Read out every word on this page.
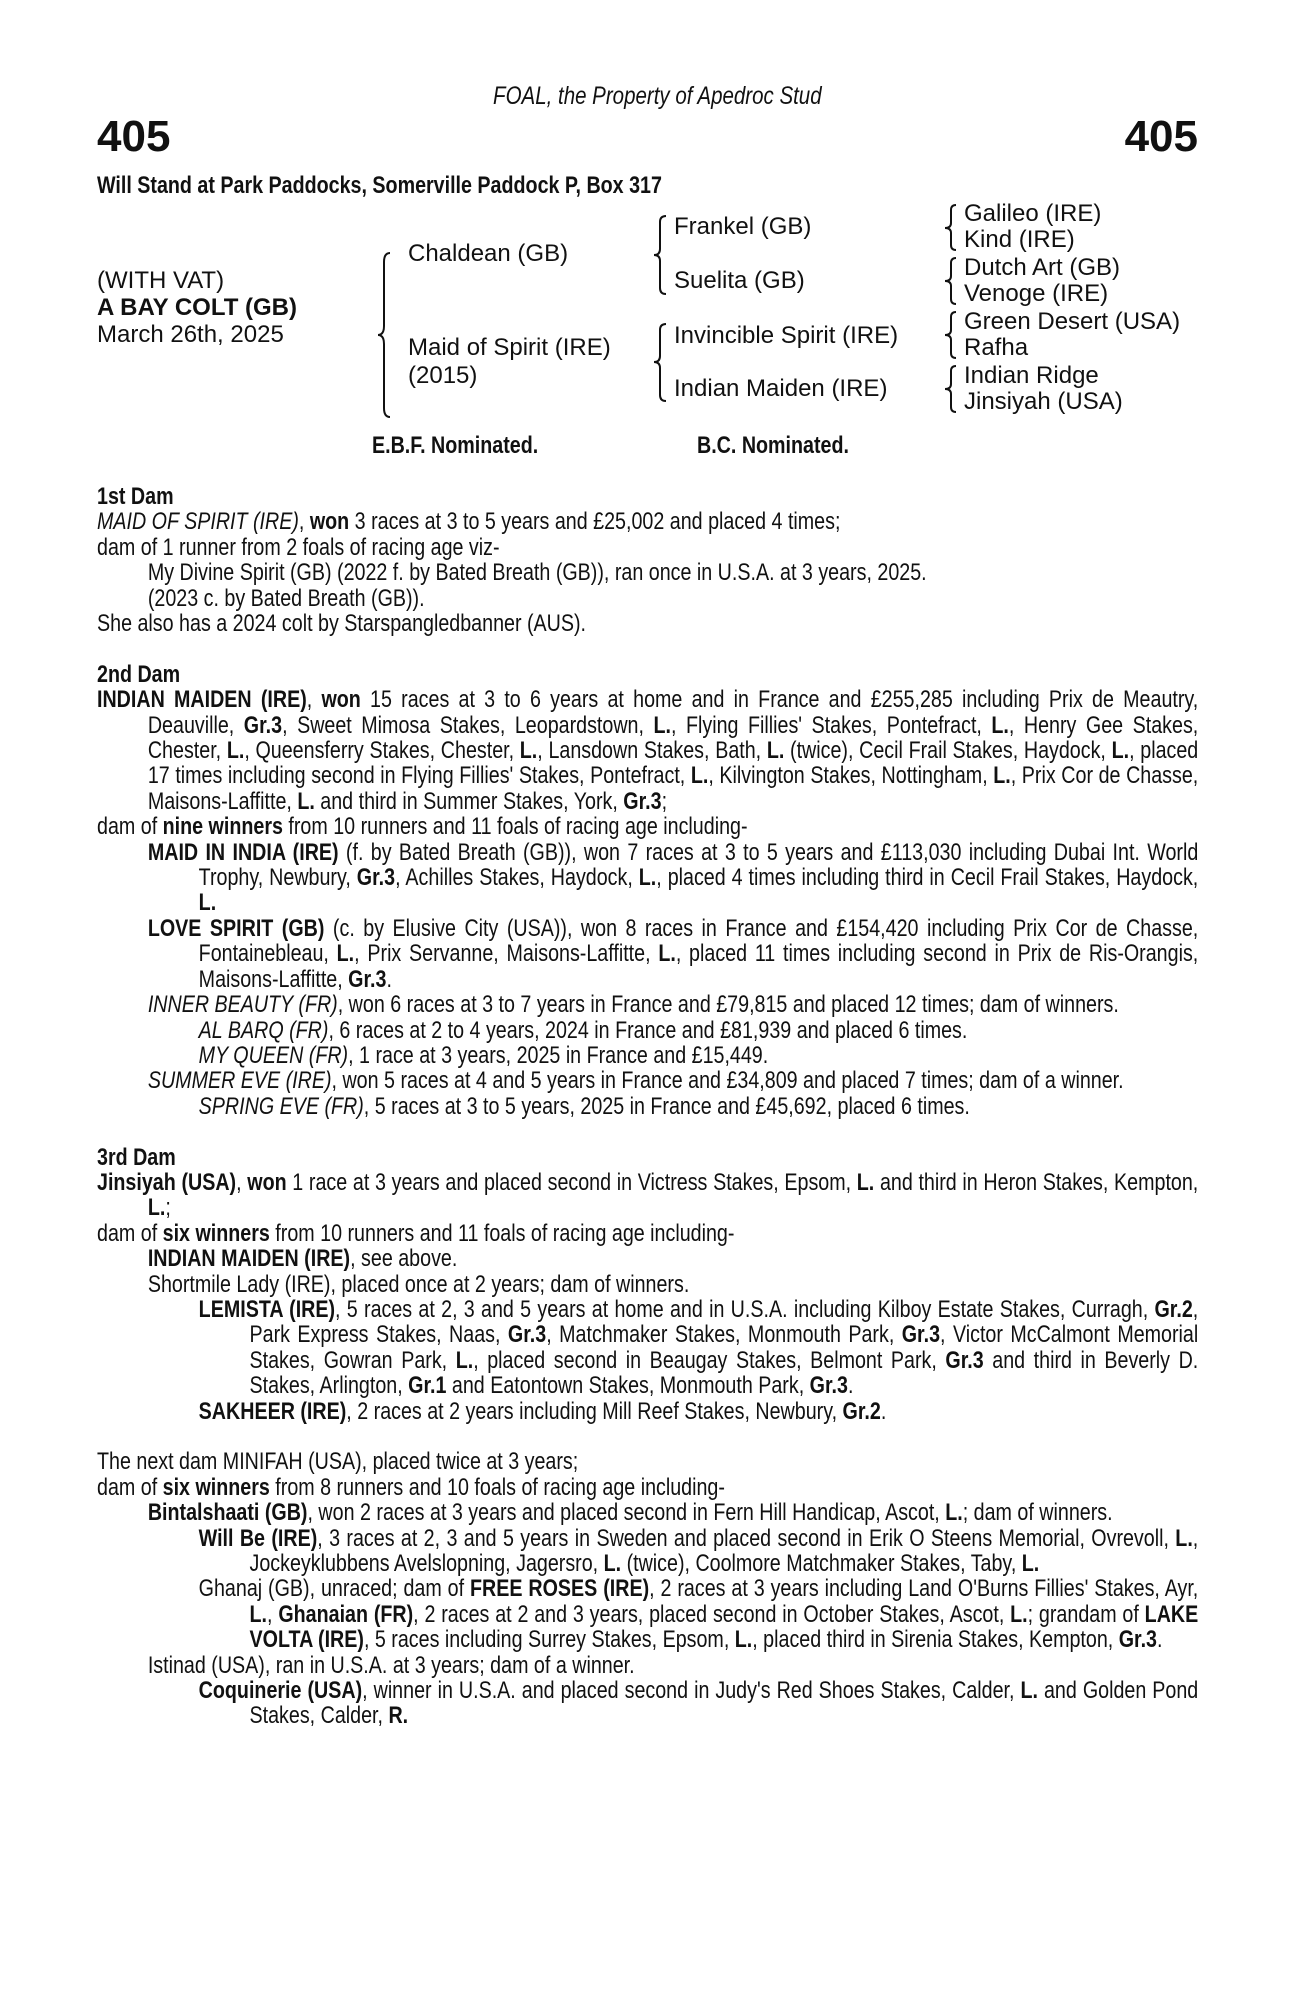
FOAL, the Property of Apedroc Stud
405	405
Will Stand at Park Paddocks, Somerville Paddock P, Box 317
(WITH VAT)
A BAY COLT (GB)
March 26th, 2025
Chaldean (GB)
Maid of Spirit (IRE)
(2015)
Frankel (GB)
Suelita (GB)
Invincible Spirit (IRE)
Indian Maiden (IRE)
Galileo (IRE)
Kind (IRE)
Dutch Art (GB)
Venoge (IRE)
Green Desert (USA)
Rafha
Indian Ridge
Jinsiyah (USA)
E.B.F. Nominated.	B.C. Nominated.
1st Dam
MAID OF SPIRIT (IRE), won 3 races at 3 to 5 years and £25,002 and placed 4 times;
dam of 1 runner from 2 foals of racing age viz-
My Divine Spirit (GB) (2022 f. by Bated Breath (GB)), ran once in U.S.A. at 3 years, 2025.
(2023 c. by Bated Breath (GB)).
She also has a 2024 colt by Starspangledbanner (AUS).
2nd Dam
INDIAN MAIDEN (IRE), won 15 races at 3 to 6 years at home and in France and £255,285 including Prix de Meautry, Deauville, Gr.3, Sweet Mimosa Stakes, Leopardstown, L., Flying Fillies' Stakes, Pontefract, L., Henry Gee Stakes, Chester, L., Queensferry Stakes, Chester, L., Lansdown Stakes, Bath, L. (twice), Cecil Frail Stakes, Haydock, L., placed 17 times including second in Flying Fillies' Stakes, Pontefract, L., Kilvington Stakes, Nottingham, L., Prix Cor de Chasse, Maisons-Laffitte, L. and third in Summer Stakes, York, Gr.3;
dam of nine winners from 10 runners and 11 foals of racing age including-
MAID IN INDIA (IRE) (f. by Bated Breath (GB)), won 7 races at 3 to 5 years and £113,030 including Dubai Int. World Trophy, Newbury, Gr.3, Achilles Stakes, Haydock, L., placed 4 times including third in Cecil Frail Stakes, Haydock, L.
LOVE SPIRIT (GB) (c. by Elusive City (USA)), won 8 races in France and £154,420 including Prix Cor de Chasse, Fontainebleau, L., Prix Servanne, Maisons-Laffitte, L., placed 11 times including second in Prix de Ris-Orangis, Maisons-Laffitte, Gr.3.
INNER BEAUTY (FR), won 6 races at 3 to 7 years in France and £79,815 and placed 12 times; dam of winners.
AL BARQ (FR), 6 races at 2 to 4 years, 2024 in France and £81,939 and placed 6 times.
MY QUEEN (FR), 1 race at 3 years, 2025 in France and £15,449.
SUMMER EVE (IRE), won 5 races at 4 and 5 years in France and £34,809 and placed 7 times; dam of a winner.
SPRING EVE (FR), 5 races at 3 to 5 years, 2025 in France and £45,692, placed 6 times.
3rd Dam
Jinsiyah (USA), won 1 race at 3 years and placed second in Victress Stakes, Epsom, L. and third in Heron Stakes, Kempton, L.;
dam of six winners from 10 runners and 11 foals of racing age including-
INDIAN MAIDEN (IRE), see above.
Shortmile Lady (IRE), placed once at 2 years; dam of winners.
LEMISTA (IRE), 5 races at 2, 3 and 5 years at home and in U.S.A. including Kilboy Estate Stakes, Curragh, Gr.2, Park Express Stakes, Naas, Gr.3, Matchmaker Stakes, Monmouth Park, Gr.3, Victor McCalmont Memorial Stakes, Gowran Park, L., placed second in Beaugay Stakes, Belmont Park, Gr.3 and third in Beverly D. Stakes, Arlington, Gr.1 and Eatontown Stakes, Monmouth Park, Gr.3.
SAKHEER (IRE), 2 races at 2 years including Mill Reef Stakes, Newbury, Gr.2.
The next dam MINIFAH (USA), placed twice at 3 years;
dam of six winners from 8 runners and 10 foals of racing age including-
Bintalshaati (GB), won 2 races at 3 years and placed second in Fern Hill Handicap, Ascot, L.; dam of winners.
Will Be (IRE), 3 races at 2, 3 and 5 years in Sweden and placed second in Erik O Steens Memorial, Ovrevoll, L., Jockeyklubbens Avelslopning, Jagersro, L. (twice), Coolmore Matchmaker Stakes, Taby, L.
Ghanaj (GB), unraced; dam of FREE ROSES (IRE), 2 races at 3 years including Land O'Burns Fillies' Stakes, Ayr, L., Ghanaian (FR), 2 races at 2 and 3 years, placed second in October Stakes, Ascot, L.; grandam of LAKE VOLTA (IRE), 5 races including Surrey Stakes, Epsom, L., placed third in Sirenia Stakes, Kempton, Gr.3.
Istinad (USA), ran in U.S.A. at 3 years; dam of a winner.
Coquinerie (USA), winner in U.S.A. and placed second in Judy's Red Shoes Stakes, Calder, L. and Golden Pond Stakes, Calder, R.
